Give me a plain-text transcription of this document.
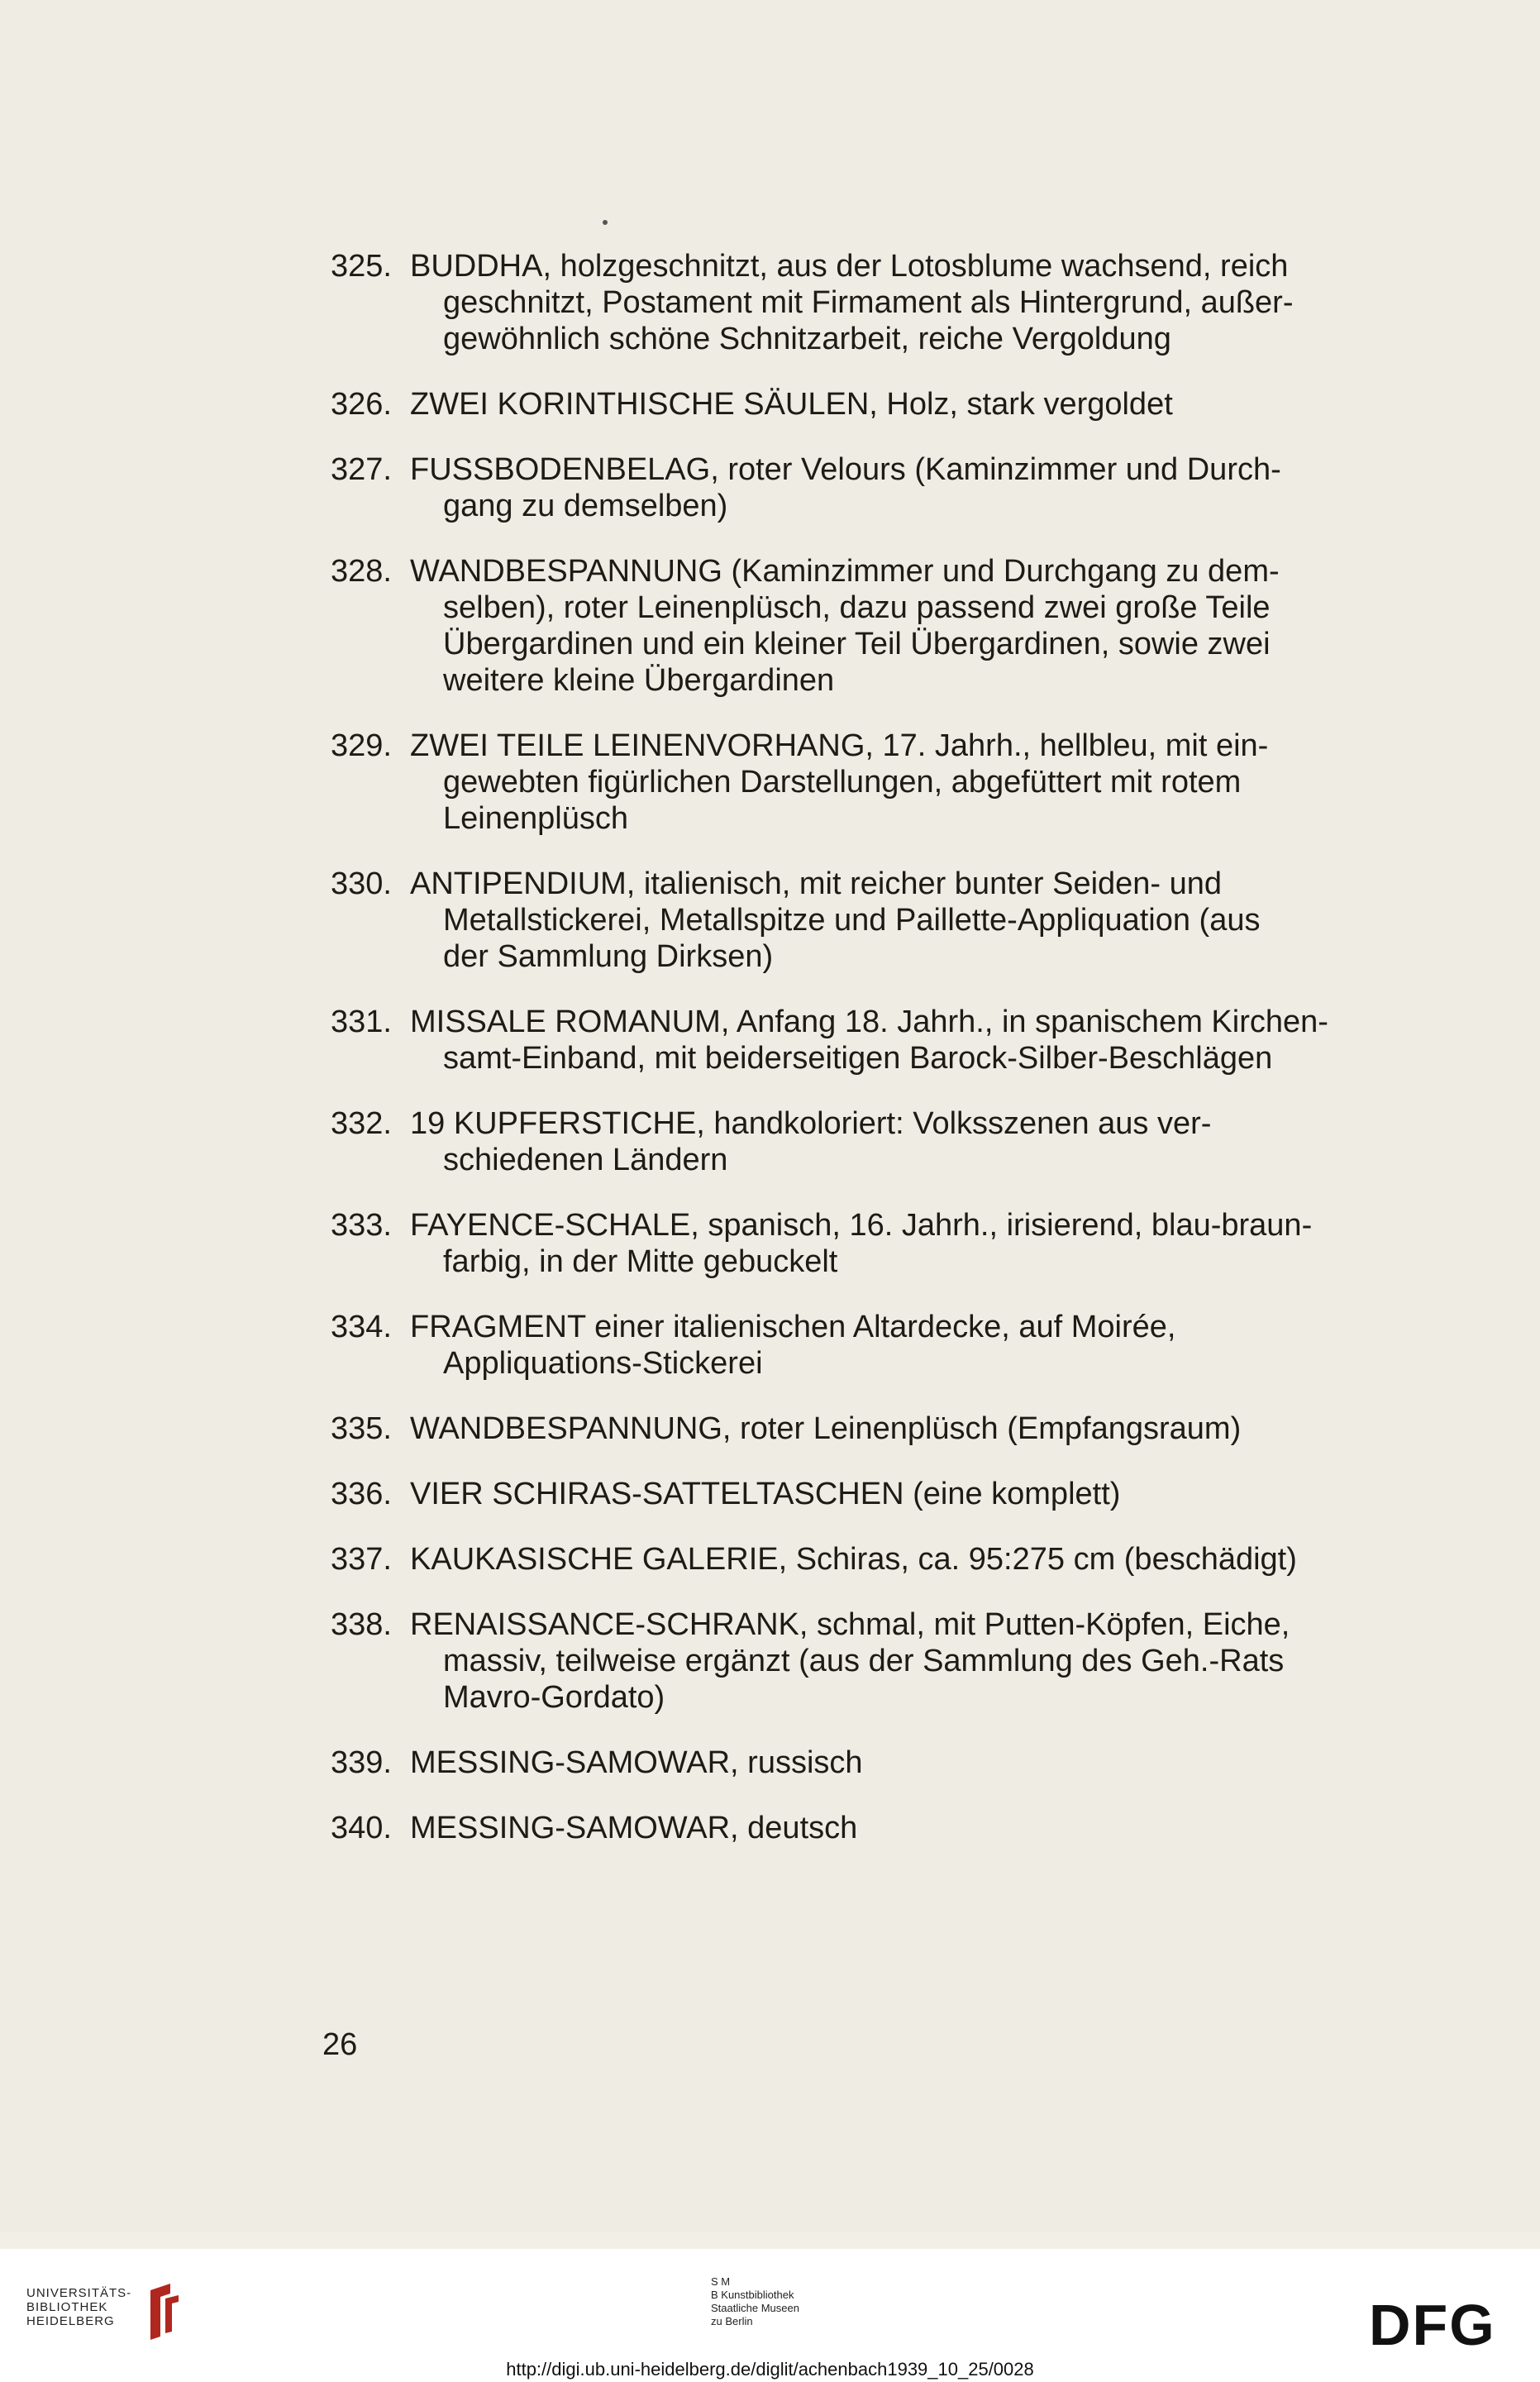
325. BUDDHA, holzgeschnitzt, aus der Lotosblume wachsend, reich
geschnitzt, Postament mit Firmament als Hintergrund, außer-
gewöhnlich schöne Schnitzarbeit, reiche Vergoldung
326. ZWEI KORINTHISCHE SÄULEN, Holz, stark vergoldet
327. FUSSBODENBELAG, roter Velours (Kaminzimmer und Durch-
gang zu demselben)
328. WANDBESPANNUNG (Kaminzimmer und Durchgang zu dem-
selben), roter Leinenplüsch, dazu passend zwei große Teile
Übergardinen und ein kleiner Teil Übergardinen, sowie zwei
weitere kleine Übergardinen
329. ZWEI TEILE LEINENVORHANG, 17. Jahrh., hellbleu, mit ein-
gewebten figürlichen Darstellungen, abgefüttert mit rotem
Leinenplüsch
330. ANTIPENDIUM, italienisch, mit reicher bunter Seiden- und
Metallstickerei, Metallspitze und Paillette-Appliquation (aus
der Sammlung Dirksen)
331. MISSALE ROMANUM, Anfang 18. Jahrh., in spanischem Kirchen-
samt-Einband, mit beiderseitigen Barock-Silber-Beschlägen
332. 19 KUPFERSTICHE, handkoloriert: Volksszenen aus ver-
schiedenen Ländern
333. FAYENCE-SCHALE, spanisch, 16. Jahrh., irisierend, blau-braun-
farbig, in der Mitte gebuckelt
334. FRAGMENT einer italienischen Altardecke, auf Moirée,
Appliquations-Stickerei
335. WANDBESPANNUNG, roter Leinenplüsch (Empfangsraum)
336. VIER SCHIRAS-SATTELTASCHEN (eine komplett)
337. KAUKASISCHE GALERIE, Schiras, ca. 95:275 cm (beschädigt)
338. RENAISSANCE-SCHRANK, schmal, mit Putten-Köpfen, Eiche,
massiv, teilweise ergänzt (aus der Sammlung des Geh.-Rats
Mavro-Gordato)
339. MESSING-SAMOWAR, russisch
340. MESSING-SAMOWAR, deutsch
26
UNIVERSITÄTS-
BIBLIOTHEK
HEIDELBERG
S M
B Kunstbibliothek
Staatliche Museen
zu Berlin	DFG
http://digi.ub.uni-heidelberg.de/diglit/achenbach1939_10_25/0028
